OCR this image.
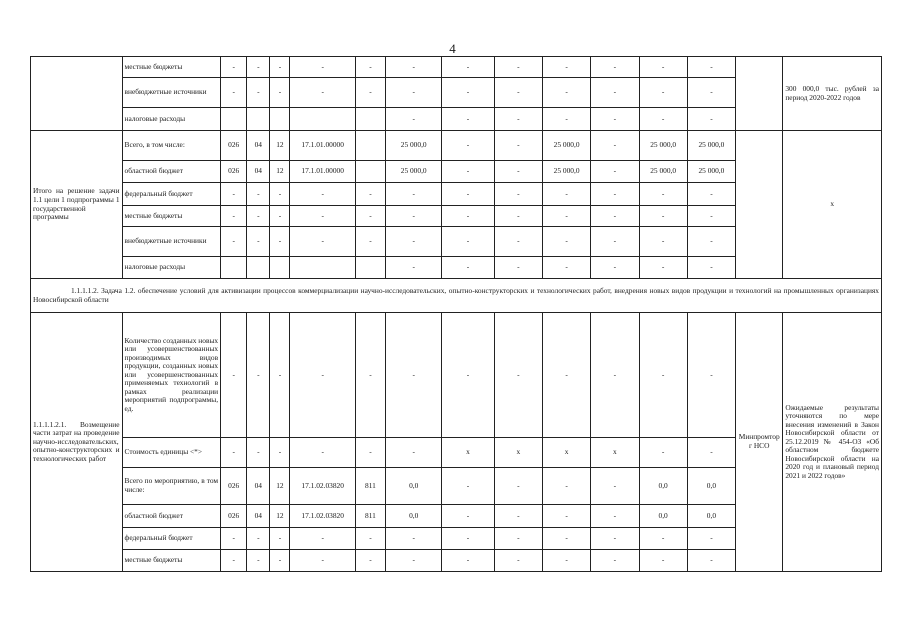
4
	местные бюджеты	-	-	-	-	-	-	-	-	-	-	-	-		300 000,0 тыс. рублей за период 2020-2022 годов
	внебюджетные источники	-	-	-	-	-	-	-	-	-	-	-	-		
	налоговые расходы						-	-	-	-	-	-	-		
Итого на решение задачи 1.1 цели 1 подпрограммы 1 государственной программы	Всего, в том числе:	026	04	12	17.1.01.00000		25 000,0	-	-	25 000,0	-	25 000,0	25 000,0		x
	областной бюджет	026	04	12	17.1.01.00000		25 000,0	-	-	25 000,0	-	25 000,0	25 000,0		
	федеральный бюджет	-	-	-	-	-	-	-	-	-	-	-	-		
	местные бюджеты	-	-	-	-	-	-	-	-	-	-	-	-		
	внебюджетные источники	-	-	-	-	-	-	-	-	-	-	-	-		
	налоговые расходы						-	-	-	-	-	-	-		
1.1.1.1.2. Задача 1.2. обеспечение условий для активизации процессов коммерциализации научно-исследовательских, опытно-конструкторских и технологических работ, внедрения новых видов продукции и технологий на промышленных организациях Новосибирской области															
1.1.1.1.2.1. Возмещение части затрат на проведение научно-исследовательских, опытно-конструкторских и технологических работ	Количество созданных новых или усовершенствованных производимых видов продукции, созданных новых или усовершенствованных применяемых технологий в рамках реализации мероприятий подпрограммы, ед.	-	-	-	-	-	-	-	-	-	-	-	-	Минпромтор г НСО	Ожидаемые результаты уточняются по мере внесения изменений в Закон Новосибирской области от 25.12.2019 № 454-ОЗ «Об областном бюджете Новосибирской области на 2020 год и плановый период 2021 и 2022 годов»
	Стоимость единицы <*>	-	-	-	-	-	-	x	x	x	x	-	-		
	Всего по мероприятию, в том числе:	026	04	12	17.1.02.03820	811	0,0	-	-	-	-	0,0	0,0		
	областной бюджет	026	04	12	17.1.02.03820	811	0,0	-	-	-	-	0,0	0,0		
	федеральный бюджет	-	-	-	-	-	-	-	-	-	-	-	-		
	местные бюджеты	-	-	-	-	-	-	-	-	-	-	-	-		
